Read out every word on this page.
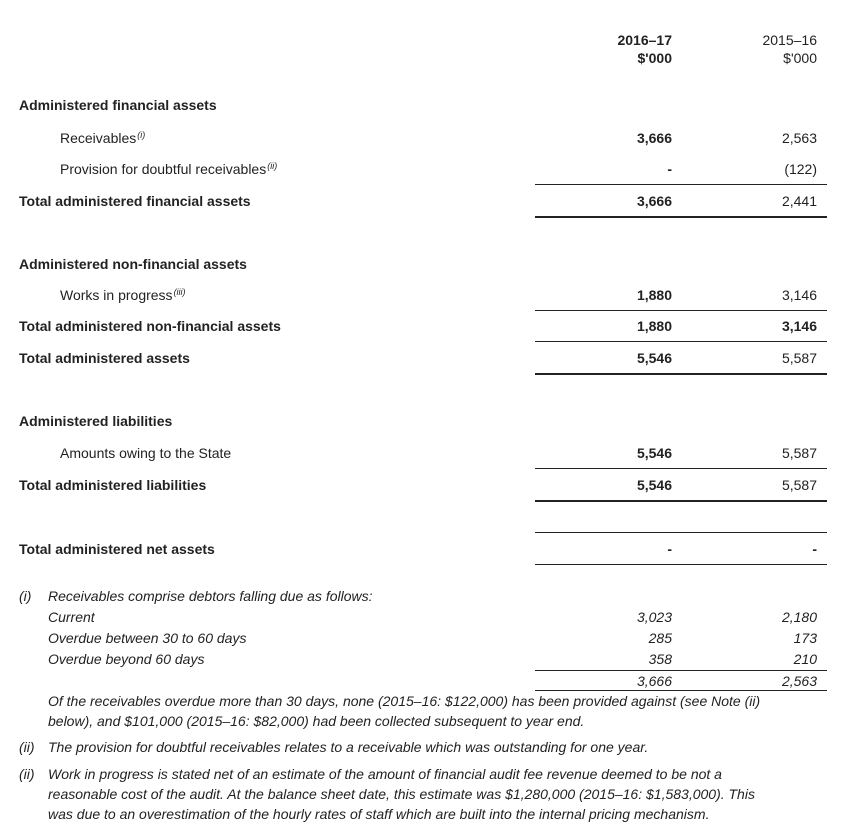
2016–17
$'000
2015–16
$'000
Administered financial assets
Receivables$^{(i)}$	3,666	2,563
Provision for doubtful receivables$^{(ii)}$	-	(122)
Total administered financial assets	3,666	2,441
Administered non-financial assets
Works in progress$^{(iii)}$	1,880	3,146
Total administered non-financial assets	1,880	3,146
Total administered assets	5,546	5,587
Administered liabilities
Amounts owing to the State	5,546	5,587
Total administered liabilities	5,546	5,587
Total administered net assets	-	-
(i) Receivables comprise debtors falling due as follows:
Current	3,023	2,180
Overdue between 30 to 60 days	285	173
Overdue beyond 60 days	358	210
3,666	2,563
Of the receivables overdue more than 30 days, none (2015–16: $122,000) has been provided against (see Note (ii)
below), and $101,000 (2015–16: $82,000) had been collected subsequent to year end.
(ii) The provision for doubtful receivables relates to a receivable which was outstanding for one year.
(ii) Work in progress is stated net of an estimate of the amount of financial audit fee revenue deemed to be not a
reasonable cost of the audit. At the balance sheet date, this estimate was $1,280,000 (2015–16: $1,583,000). This
was due to an overestimation of the hourly rates of staff which are built into the internal pricing mechanism.
